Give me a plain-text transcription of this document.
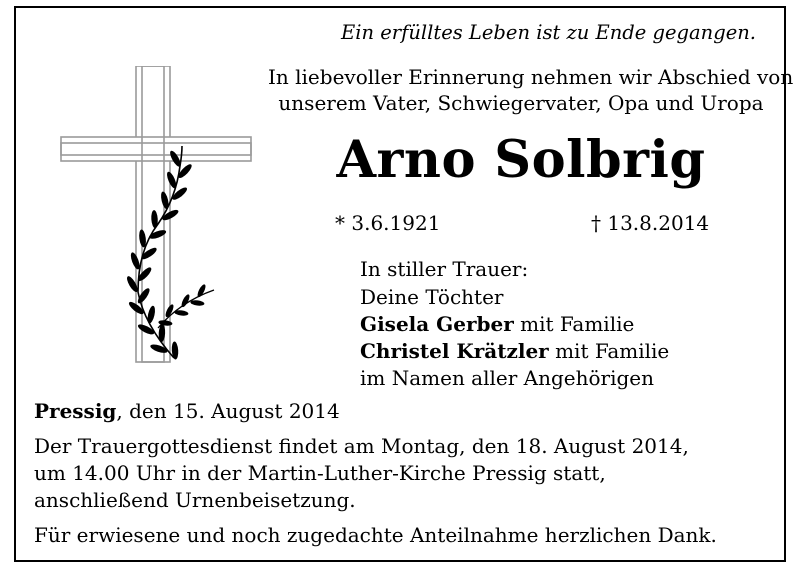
Ein erfülltes Leben ist zu Ende gegangen.
In liebevoller Erinnerung nehmen wir Abschied von
unserem Vater, Schwiegervater, Opa und Uropa
Arno Solbrig
* 3.6.1921	† 13.8.2014
In stiller Trauer:
Deine Töchter
Gisela Gerber mit Familie
Christel Krätzler mit Familie
im Namen aller Angehörigen
Pressig, den 15. August 2014
Der Trauergottesdienst findet am Montag, den 18. August 2014,
um 14.00 Uhr in der Martin-Luther-Kirche Pressig statt,
anschließend Urnenbeisetzung.
Für erwiesene und noch zugedachte Anteilnahme herzlichen Dank.
